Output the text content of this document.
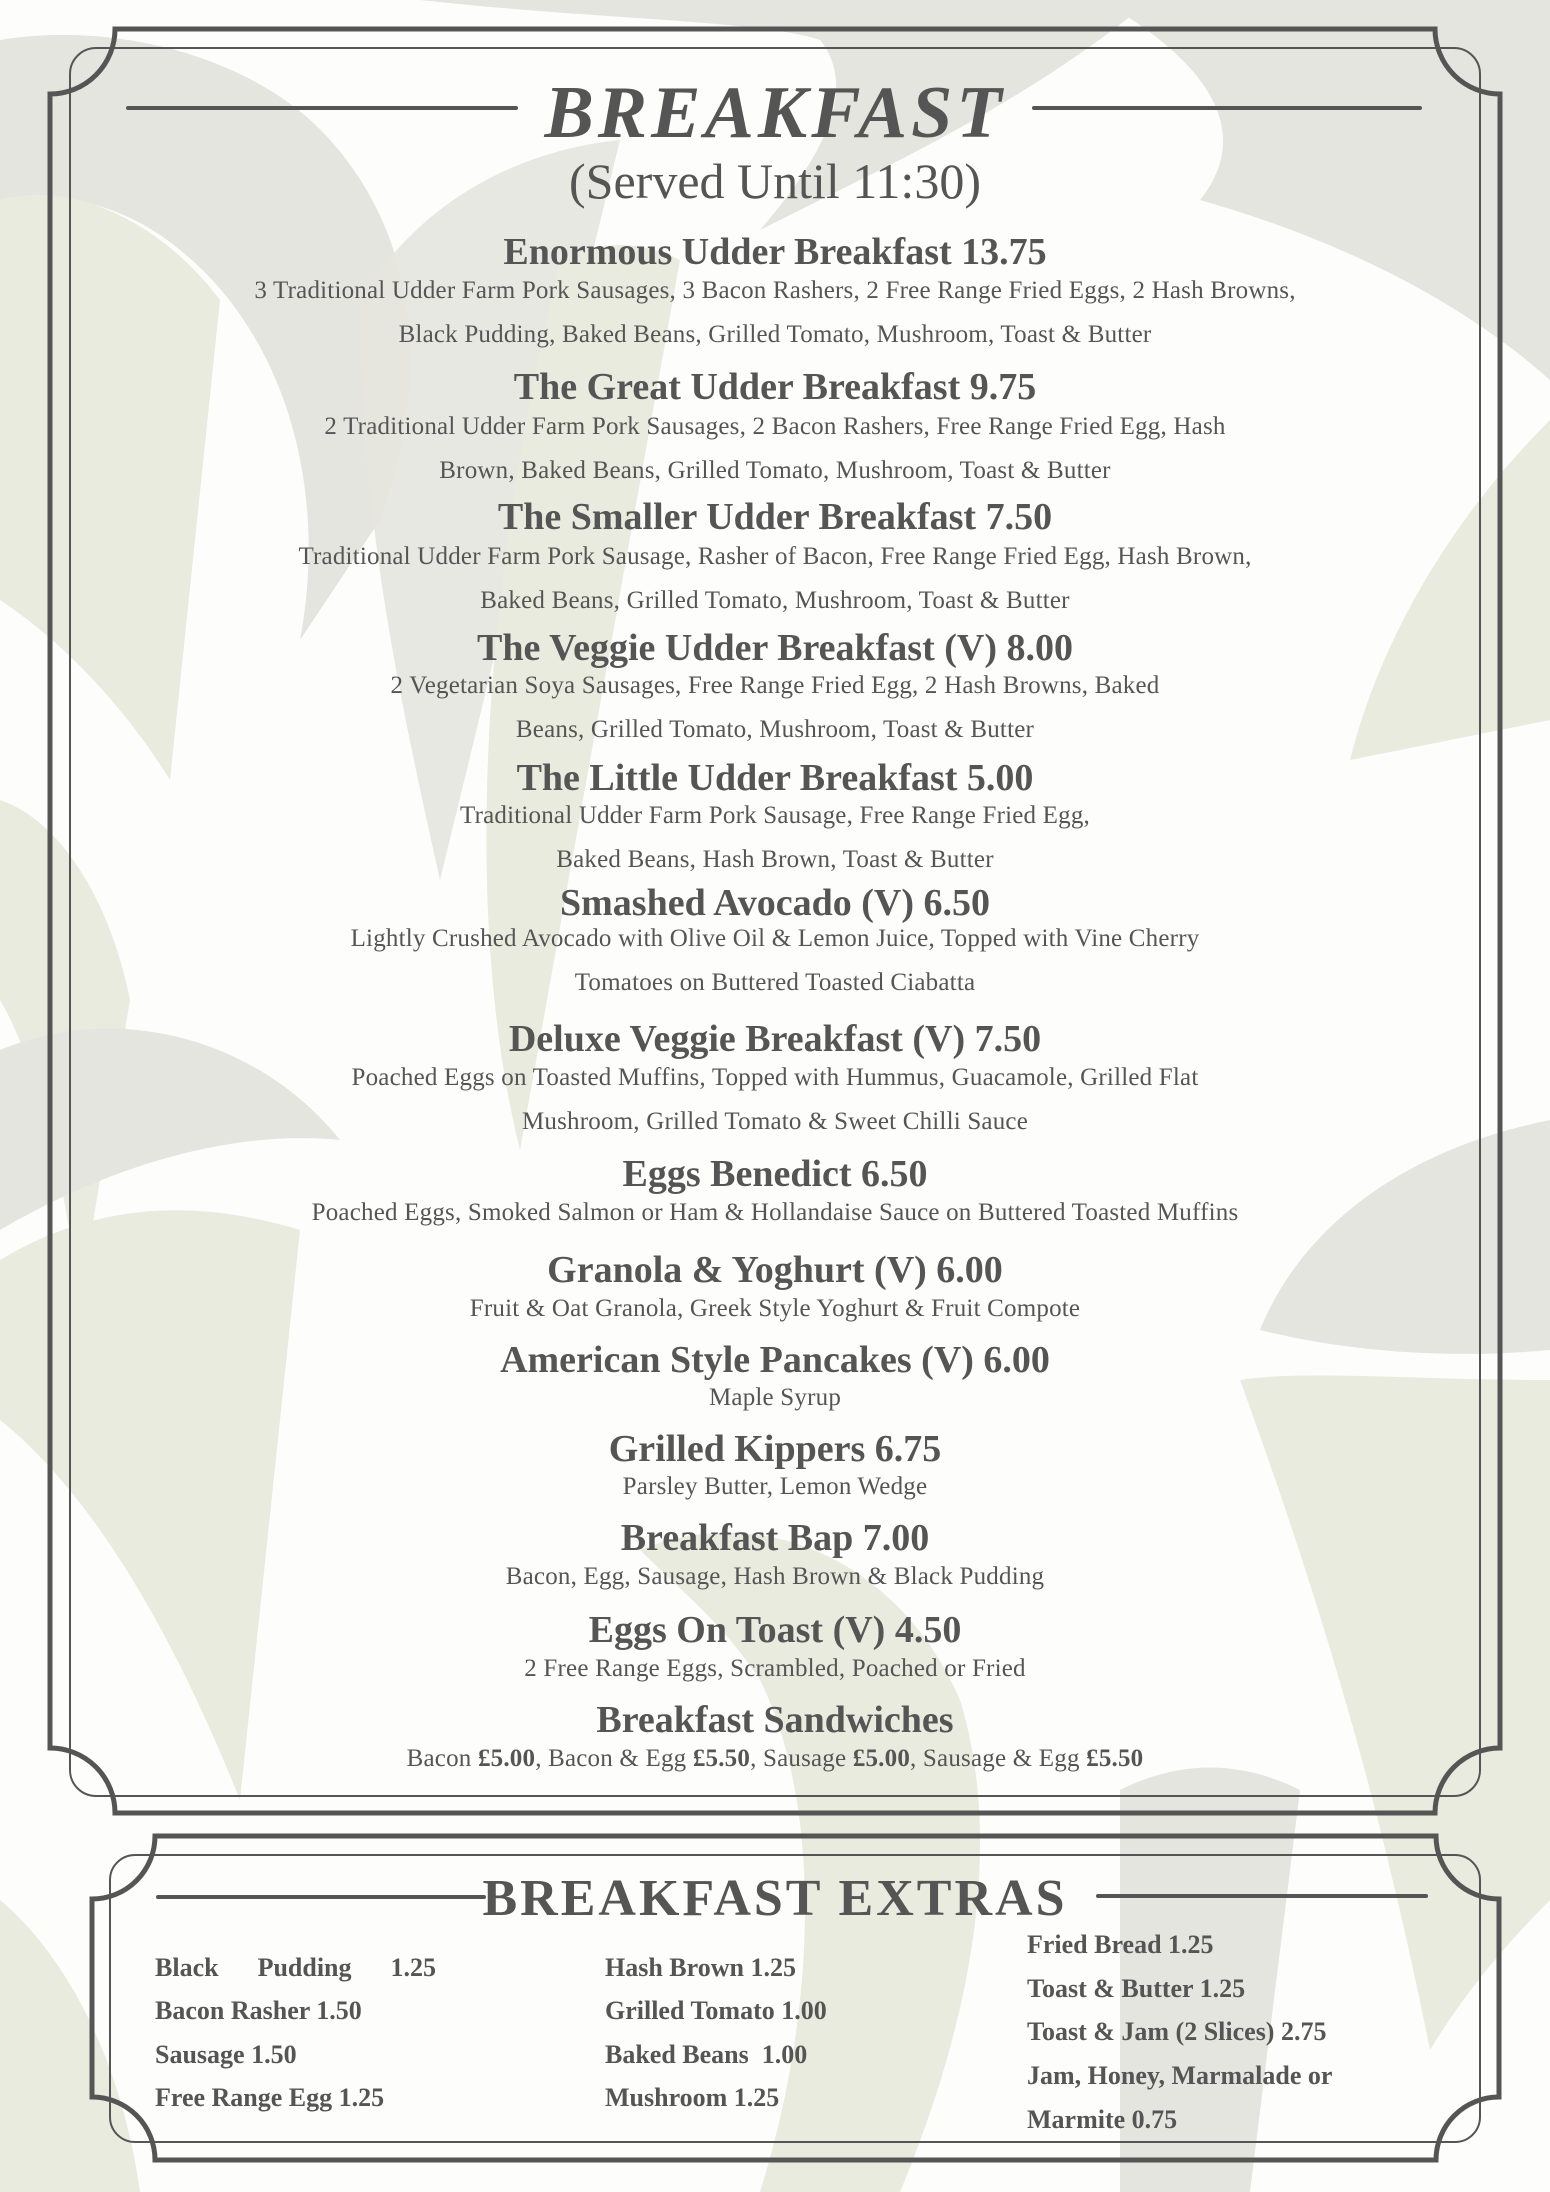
BREAKFAST
(Served Until 11:30)
Enormous Udder Breakfast 13.75
3 Traditional Udder Farm Pork Sausages, 3 Bacon Rashers, 2 Free Range Fried Eggs, 2 Hash Browns,
Black Pudding, Baked Beans, Grilled Tomato, Mushroom, Toast & Butter
The Great Udder Breakfast 9.75
2 Traditional Udder Farm Pork Sausages, 2 Bacon Rashers, Free Range Fried Egg, Hash
Brown, Baked Beans, Grilled Tomato, Mushroom, Toast & Butter
The Smaller Udder Breakfast 7.50
Traditional Udder Farm Pork Sausage, Rasher of Bacon, Free Range Fried Egg, Hash Brown,
Baked Beans, Grilled Tomato, Mushroom, Toast & Butter
The Veggie Udder Breakfast (V) 8.00
2 Vegetarian Soya Sausages, Free Range Fried Egg, 2 Hash Browns, Baked
Beans, Grilled Tomato, Mushroom, Toast & Butter
The Little Udder Breakfast 5.00
Traditional Udder Farm Pork Sausage, Free Range Fried Egg,
Baked Beans, Hash Brown, Toast & Butter
Smashed Avocado (V) 6.50
Lightly Crushed Avocado with Olive Oil & Lemon Juice, Topped with Vine Cherry
Tomatoes on Buttered Toasted Ciabatta
Deluxe Veggie Breakfast (V) 7.50
Poached Eggs on Toasted Muffins, Topped with Hummus, Guacamole, Grilled Flat
Mushroom, Grilled Tomato & Sweet Chilli Sauce
Eggs Benedict 6.50
Poached Eggs, Smoked Salmon or Ham & Hollandaise Sauce on Buttered Toasted Muffins
Granola & Yoghurt (V) 6.00
Fruit & Oat Granola, Greek Style Yoghurt & Fruit Compote
American Style Pancakes (V) 6.00
Maple Syrup
Grilled Kippers 6.75
Parsley Butter, Lemon Wedge
Breakfast Bap 7.00
Bacon, Egg, Sausage, Hash Brown & Black Pudding
Eggs On Toast (V) 4.50
2 Free Range Eggs, Scrambled, Poached or Fried
Breakfast Sandwiches
Bacon £5.00, Bacon & Egg £5.50, Sausage £5.00, Sausage & Egg £5.50
BREAKFAST EXTRAS
Black      Pudding      1.25
Bacon Rasher 1.50
Sausage 1.50
Free Range Egg 1.25
Hash Brown 1.25
Grilled Tomato 1.00
Baked Beans  1.00
Mushroom 1.25
Fried Bread 1.25
Toast & Butter 1.25
Toast & Jam (2 Slices) 2.75
Jam, Honey, Marmalade or
Marmite 0.75
